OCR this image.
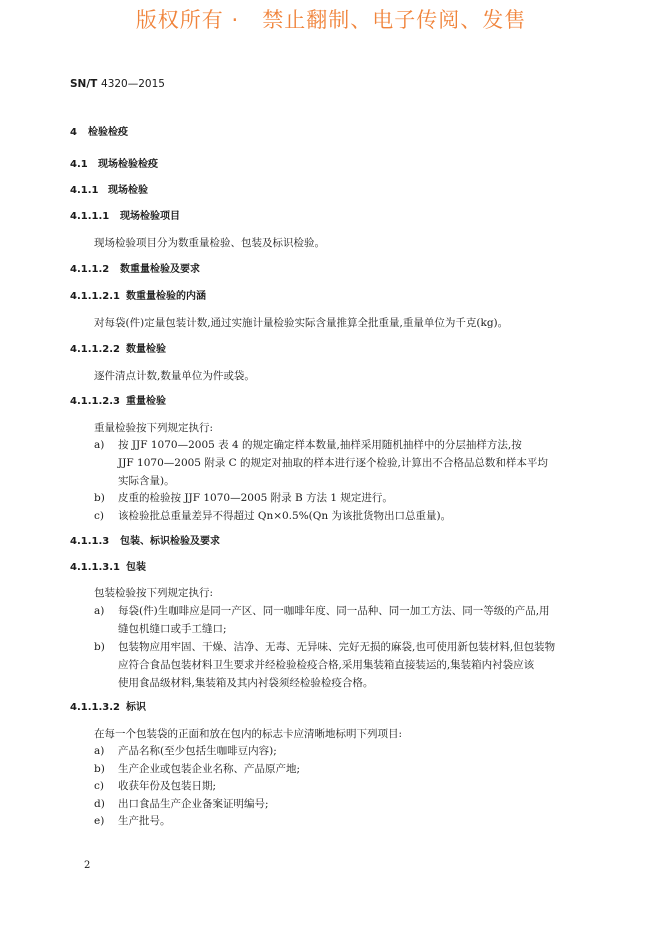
版权所有 ·   禁止翻制、电子传阅、发售
SN/T 4320—2015
4 检验检疫
4.1 现场检验检疫
4.1.1 现场检验
4.1.1.1 现场检验项目
现场检验项目分为数重量检验、包装及标识检验。
4.1.1.2 数重量检验及要求
4.1.1.2.1 数重量检验的内涵
对每袋(件)定量包装计数,通过实施计量检验实际含量推算全批重量,重量单位为千克(kg)。
4.1.1.2.2 数量检验
逐件清点计数,数量单位为件或袋。
4.1.1.2.3 重量检验
重量检验按下列规定执行:
a) 按 JJF 1070—2005 表 4 的规定确定样本数量,抽样采用随机抽样中的分层抽样方法,按
JJF 1070—2005 附录 C 的规定对抽取的样本进行逐个检验,计算出不合格品总数和样本平均
实际含量)。
b) 皮重的检验按 JJF 1070—2005 附录 B 方法 1 规定进行。
c) 该检验批总重量差异不得超过 Qn×0.5%(Qn 为该批货物出口总重量)。
4.1.1.3 包装、标识检验及要求
4.1.1.3.1 包装
包装检验按下列规定执行:
a) 每袋(件)生咖啡应是同一产区、同一咖啡年度、同一品种、同一加工方法、同一等级的产品,用
缝包机缝口或手工缝口;
b) 包装物应用牢固、干燥、洁净、无毒、无异味、完好无损的麻袋,也可使用新包装材料,但包装物
应符合食品包装材料卫生要求并经检验检疫合格,采用集装箱直接装运的,集装箱内衬袋应该
使用食品级材料,集装箱及其内衬袋须经检验检疫合格。
4.1.1.3.2 标识
在每一个包装袋的正面和放在包内的标志卡应清晰地标明下列项目:
a) 产品名称(至少包括生咖啡豆内容);
b) 生产企业或包装企业名称、产品原产地;
c) 收获年份及包装日期;
d) 出口食品生产企业备案证明编号;
e) 生产批号。
2
